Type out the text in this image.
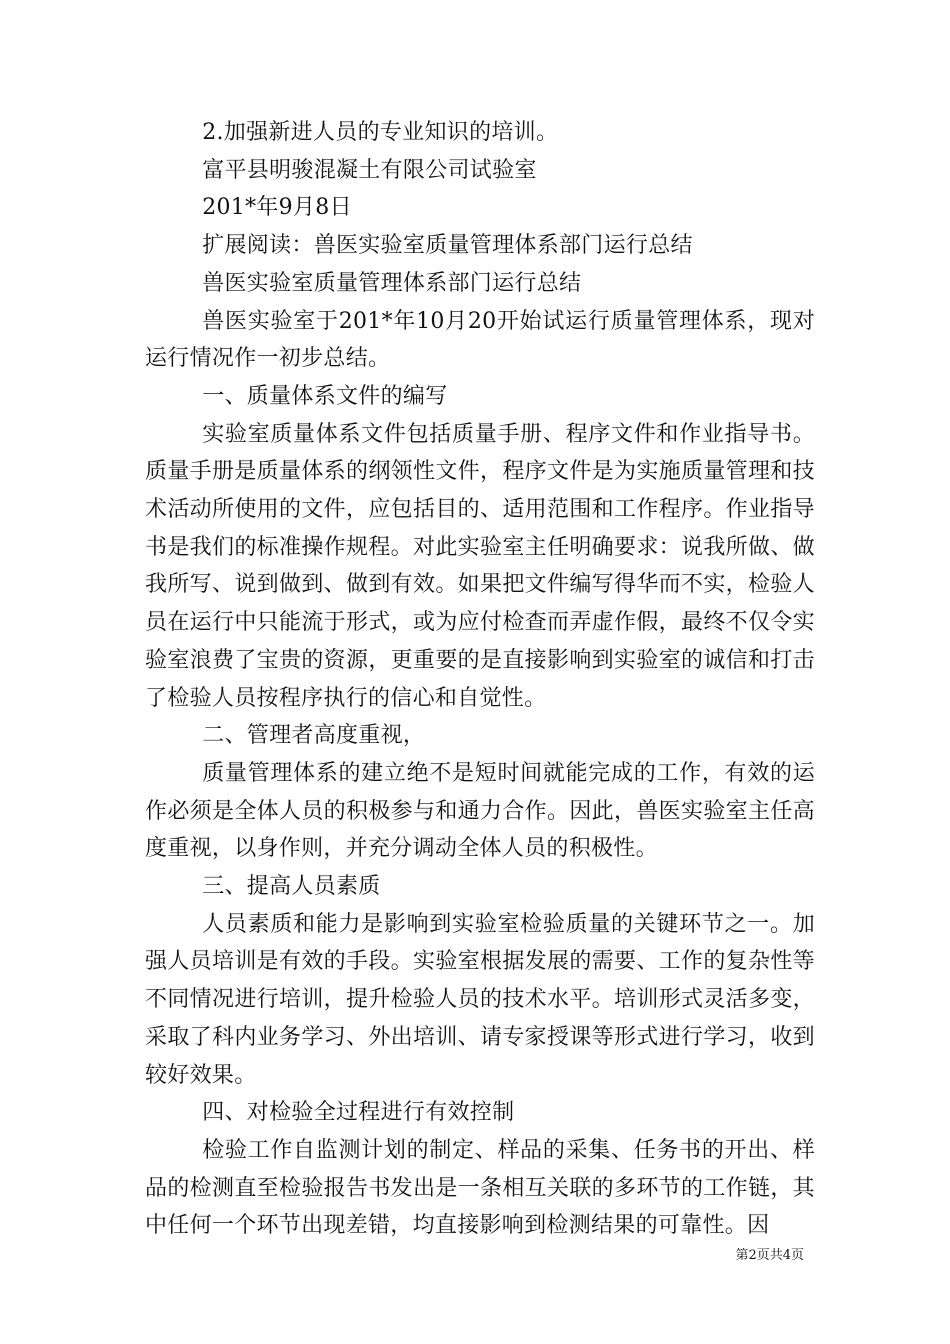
2.加强新进人员的专业知识的培训。

富平县明骏混凝土有限公司试验室

201*年9月8日

扩展阅读：兽医实验室质量管理体系部门运行总结

兽医实验室质量管理体系部门运行总结

兽医实验室于201*年10月20开始试运行质量管理体系，现对运行情况作一初步总结。

一、质量体系文件的编写

实验室质量体系文件包括质量手册、程序文件和作业指导书。质量手册是质量体系的纲领性文件，程序文件是为实施质量管理和技术活动所使用的文件，应包括目的、适用范围和工作程序。作业指导书是我们的标准操作规程。对此实验室主任明确要求：说我所做、做我所写、说到做到、做到有效。如果把文件编写得华而不实，检验人员在运行中只能流于形式，或为应付检查而弄虚作假，最终不仅令实验室浪费了宝贵的资源，更重要的是直接影响到实验室的诚信和打击了检验人员按程序执行的信心和自觉性。

二、管理者高度重视，

质量管理体系的建立绝不是短时间就能完成的工作，有效的运作必须是全体人员的积极参与和通力合作。因此，兽医实验室主任高度重视，以身作则，并充分调动全体人员的积极性。

三、提高人员素质

人员素质和能力是影响到实验室检验质量的关键环节之一。加强人员培训是有效的手段。实验室根据发展的需要、工作的复杂性等不同情况进行培训，提升检验人员的技术水平。培训形式灵活多变，采取了科内业务学习、外出培训、请专家授课等形式进行学习，收到较好效果。

四、对检验全过程进行有效控制

检验工作自监测计划的制定、样品的采集、任务书的开出、样品的检测直至检验报告书发出是一条相互关联的多环节的工作链，其中任何一个环节出现差错，均直接影响到检测结果的可靠性。因

第2页共4页
